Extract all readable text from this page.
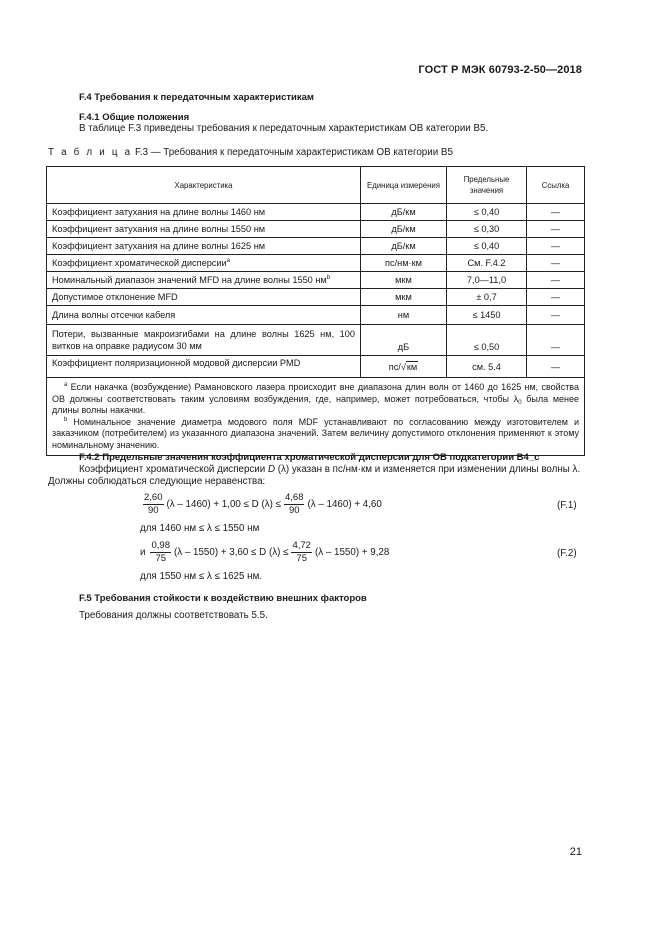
ГОСТ Р МЭК 60793-2-50—2018
F.4 Требования к передаточным характеристикам
F.4.1 Общие положения
В таблице F.3 приведены требования к передаточным характеристикам ОВ категории В5.
Т а б л и ц а F.3 — Требования к передаточным характеристикам ОВ категории В5
Характеристика	Единица измерения	Предельные значения	Ссылка
Коэффициент затухания на длине волны 1460 нм	дБ/км	≤ 0,40	—
Коэффициент затухания на длине волны 1550 нм	дБ/км	≤ 0,30	—
Коэффициент затухания на длине волны 1625 нм	дБ/км	≤ 0,40	—
Коэффициент хроматической дисперсии$^а$	пс/нм·км	См. F.4.2	—
Номинальный диапазон значений MFD на длине волны 1550 $нм^b$	мкм	7,0—11,0	—
Допустимое отклонение MFD	мкм	± 0,7	—
Длина волны отсечки кабеля	нм	≤ 1450	—
Потери, вызванные макроизгибами на длине волны 1625 нм, 100 витков на оправке радиусом 30 мм	дБ	≤ 0,50	—
Коэффициент поляризационной модовой дисперсии PMD	пс/√км	см. 5.4	—

$^а$ Если накачка (возбуждение) Рамановского лазера происходит вне диапазона длин волн от 1460 до 1625 нм, свойства ОВ должны соответствовать таким условиям возбуждения, где, например, может потребоваться, чтобы $\lambda_0$ была менее длины волны накачки.

$^b$ Номинальное значение диаметра модового поля MDF устанавливают по согласованию между изготовителем и заказчиком (потребителем) из указанного диапазона значений. Затем величину допустимого отклонения применяют к этому номинальному значению.			

F.4.2 Предельные значения коэффициента хроматической дисперсии для ОВ подкатегории B4_c
Коэффициент хроматической дисперсии D (λ) указан в пс/нм·км и изменяется при изменении длины волны λ.
Должны соблюдаться следующие неравенства:
$\frac{2,60}{90} (\lambda - 1460) + 1,00 \le D$ $(\lambda) \le \frac{4,68}{90} (\lambda - 1460) + 4,60$	(F.1)
для 1460 нм ≤ λ ≤ 1550 нм
и $\frac{0,98}{75} (\lambda - 1550) + 3,60 \le D$ $(\lambda) \le \frac{4,72}{75} (\lambda - 1550) + 9,28$	(F.2)
для 1550 нм ≤ λ ≤ 1625 нм.
F.5 Требования стойкости к воздействию внешних факторов
Требования должны соответствовать 5.5.
21
